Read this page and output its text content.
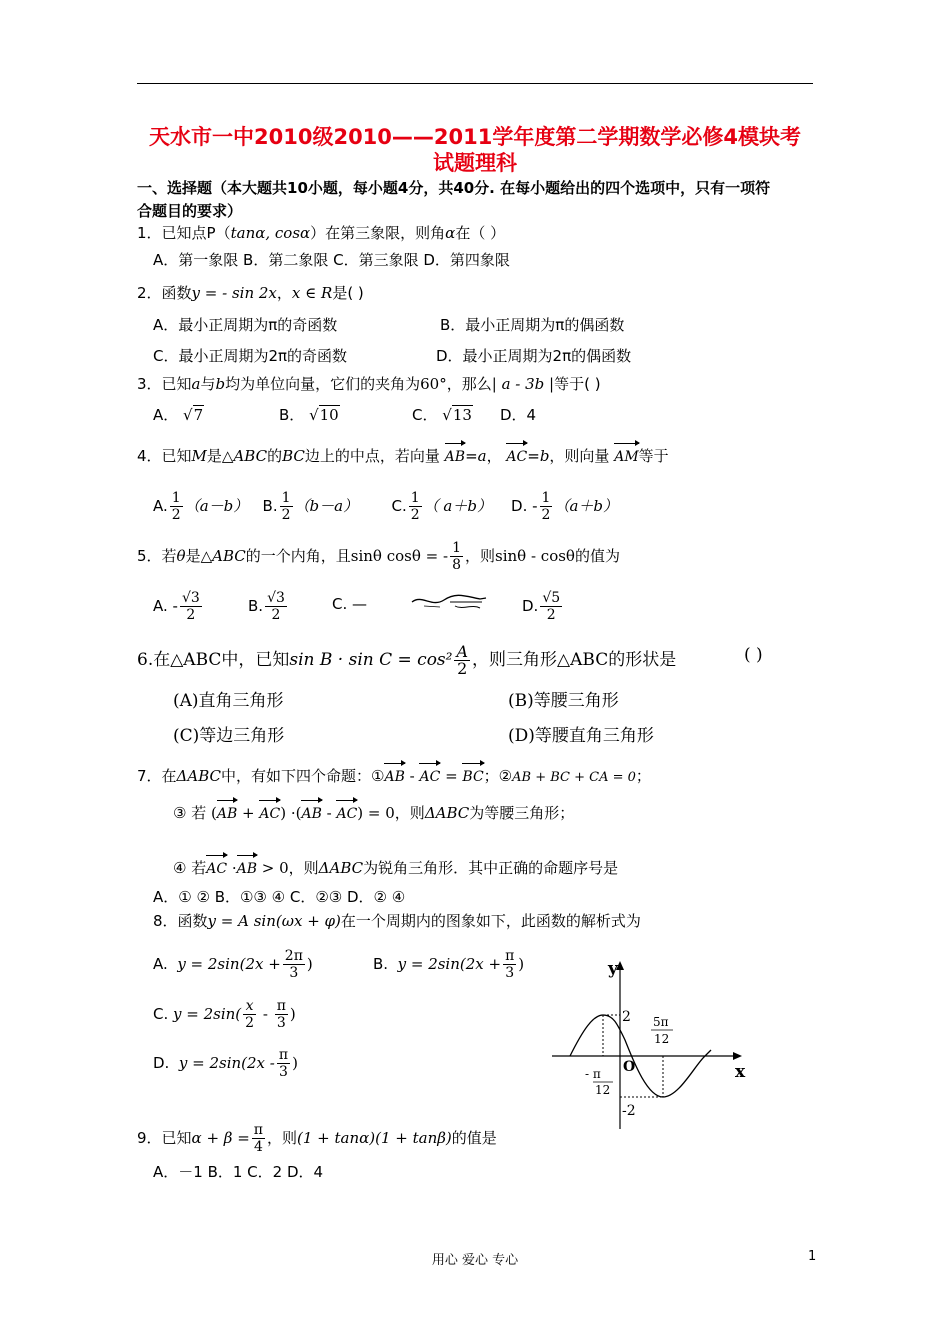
天水市一中2010级2010——2011学年度第二学期数学必修4模块考
试题理科
一、选择题（本大题共10小题，每小题4分，共40分. 在每小题给出的四个选项中，只有一项符
合题目的要求）
1．已知点P（tanα, cosα）在第三象限，则角α在（ ）
A．第一象限 B．第二象限 C．第三象限 D．第四象限
2．函数y = - sin 2x，x ∈ R是( )
A．最小正周期为π的奇函数	B．最小正周期为π的偶函数
C．最小正周期为2π的奇函数	D．最小正周期为2π的偶函数
3．已知a与b均为单位向量，它们的夹角为60°，那么| a - 3b |等于( )
A． √7	B． √10	C． √13 D．4
4．已知M是△ABC的BC边上的中点，若向量 AB=a， AC=b，则向量 AM等于
A. $\frac{1}{2} (a-b)$ B. $\frac{1}{2} (b-a)$ C. $\frac{1}{2}$ （ a＋b） D. - $\frac{1}{2} (a+b)$
5．若θ是△ABC的一个内角，且sinθ cosθ = - $\frac{1}{8}$ ，则sinθ - cosθ的值为
A. - $\frac{√3}{2}$	B. $\frac{√3}{2}$	C. —	D. $\frac{√5}{2}$
6.在△ABC中，已知$\sin B \cdot \sin C = \cos^2 \frac{A}{2}$ ，则三角形△ABC的形状是	( )
(A)直角三角形	(B)等腰三角形
(C)等边三角形	(D)等腰直角三角形
7．在ΔABC中，有如下四个命题：①AB - AC = BC；②AB + BC + CA = 0；
③ 若 (AB + AC) ·(AB - AC) = 0，则ΔABC为等腰三角形；
④ 若AC ·AB > 0，则ΔABC为锐角三角形．其中正确的命题序号是
A．① ② B．①③ ④ C．②③ D．② ④
8．函数y = A sin(ωx + φ)在一个周期内的图象如下，此函数的解析式为
A. $y = 2\sin(2x + \frac{2\pi}{3}$ )	B. $y = 2\sin(2x + \frac{\pi}{3}$ )
C. $y = 2\sin( \frac{x}{2} - \frac{\pi}{3}$ )
D. $y = 2\sin(2x - \frac{\pi}{3}$ )
y
x
O
2
-2
5π
12
- π
12
9．已知$\alpha + \beta = \frac{\pi}{4}$ ，则(1 + tanα)(1 + tanβ)的值是
A．－1 B．1 C．2 D．4
用心 爱心 专心	1
